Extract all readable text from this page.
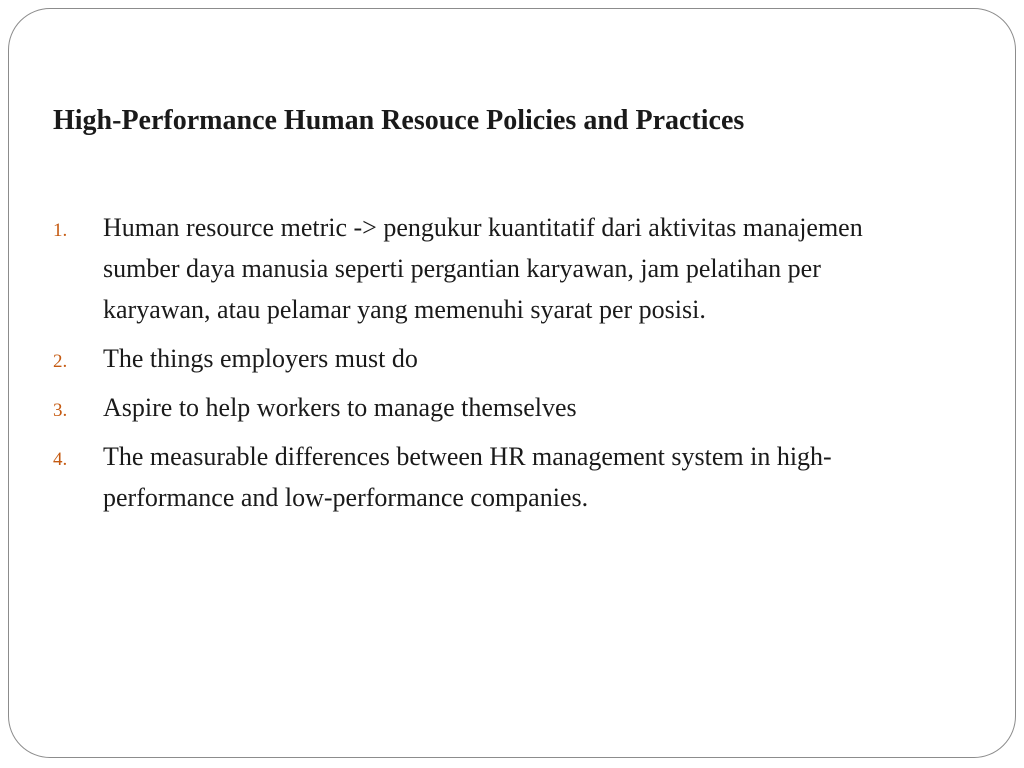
High-Performance Human Resouce Policies and Practices
1.	Human resource metric -> pengukur kuantitatif dari aktivitas manajemen sumber daya manusia seperti pergantian karyawan, jam pelatihan per karyawan, atau pelamar yang memenuhi syarat per posisi.
2.	The things employers must do
3.	Aspire to help workers to manage themselves
4.	The measurable differences between HR management system in high-performance and low-performance companies.
